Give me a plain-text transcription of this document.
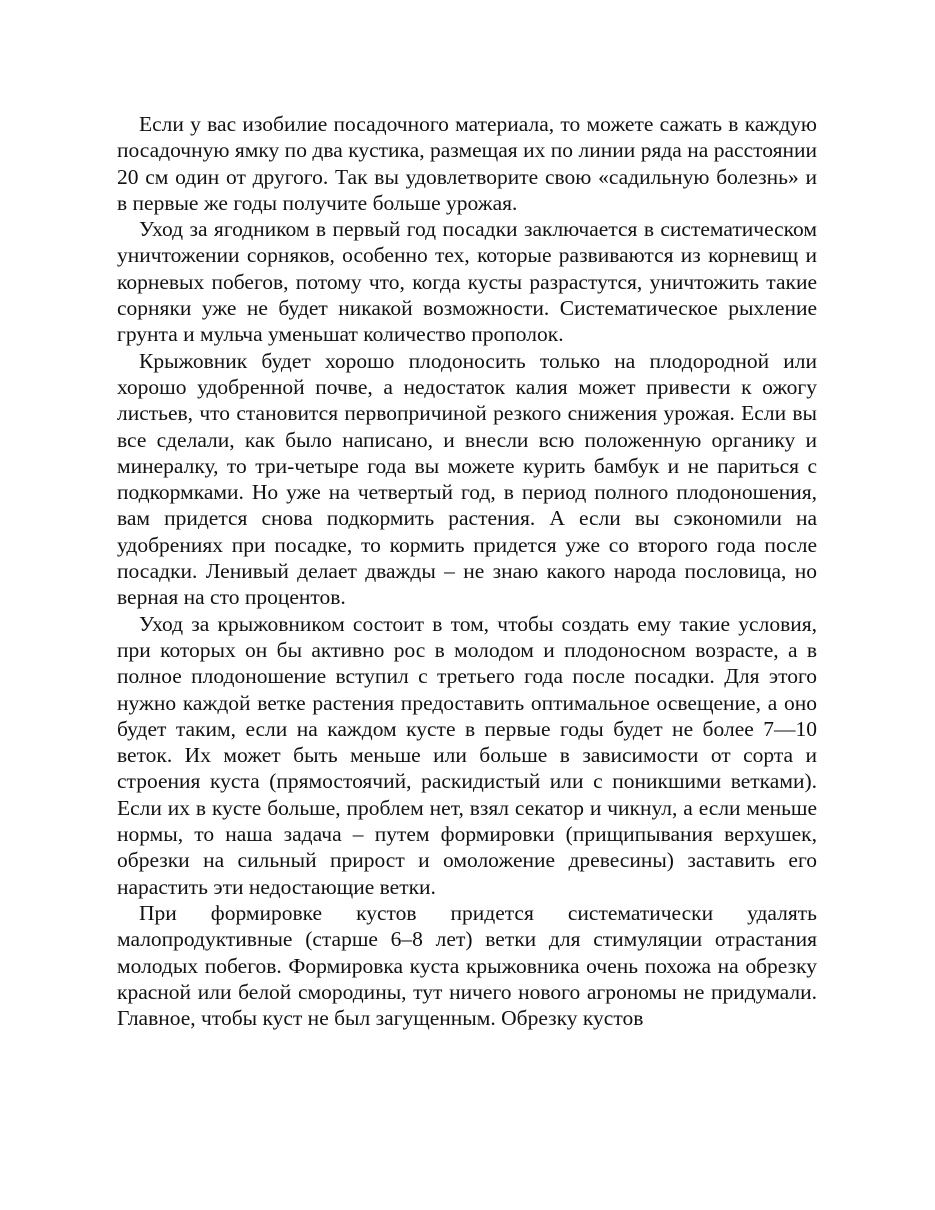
Если у вас изобилие посадочного материала, то можете сажать в каждую посадочную ямку по два кустика, размещая их по линии ряда на расстоянии 20 см один от другого. Так вы удовлетворите свою «садильную болезнь» и в первые же годы получите больше урожая.

Уход за ягодником в первый год посадки заключается в систематическом уничтожении сорняков, особенно тех, которые развиваются из корневищ и корневых побегов, потому что, когда кусты разрастутся, уничтожить такие сорняки уже не будет никакой возможности. Систематическое рыхление грунта и мульча уменьшат количество прополок.

Крыжовник будет хорошо плодоносить только на плодородной или хорошо удобренной почве, а недостаток калия может привести к ожогу листьев, что становится первопричиной резкого снижения урожая. Если вы все сделали, как было написано, и внесли всю положенную органику и минералку, то три-четыре года вы можете курить бамбук и не париться с подкормками. Но уже на четвертый год, в период полного плодоношения, вам придется снова подкормить растения. А если вы сэкономили на удобрениях при посадке, то кормить придется уже со второго года после посадки. Ленивый делает дважды – не знаю какого народа пословица, но верная на сто процентов.

Уход за крыжовником состоит в том, чтобы создать ему такие условия, при которых он бы активно рос в молодом и плодоносном возрасте, а в полное плодоношение вступил с третьего года после посадки. Для этого нужно каждой ветке растения предоставить оптимальное освещение, а оно будет таким, если на каждом кусте в первые годы будет не более 7—10 веток. Их может быть меньше или больше в зависимости от сорта и строения куста (прямостоячий, раскидистый или с поникшими ветками). Если их в кусте больше, проблем нет, взял секатор и чикнул, а если меньше нормы, то наша задача – путем формировки (прищипывания верхушек, обрезки на сильный прирост и омоложение древесины) заставить его нарастить эти недостающие ветки.

При формировке кустов придется систематически удалять малопродуктивные (старше 6–8 лет) ветки для стимуляции отрастания молодых побегов. Формировка куста крыжовника очень похожа на обрезку красной или белой смородины, тут ничего нового агрономы не придумали. Главное, чтобы куст не был загущенным. Обрезку кустов
